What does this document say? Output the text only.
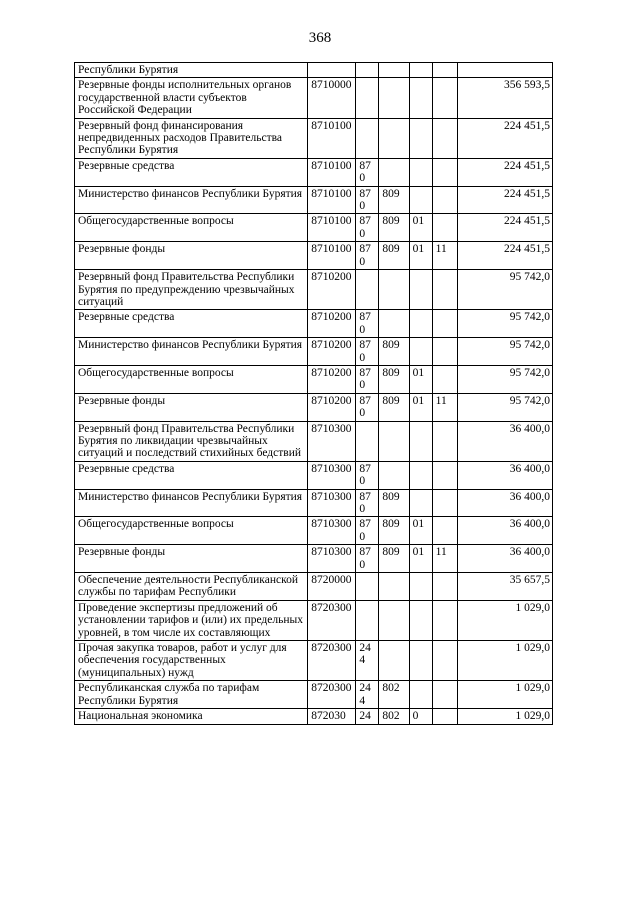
368
Республики Бурятия						
Резервные фонды исполнительных органов государственной власти субъектов Российской Федерации	8710000					356 593,5
Резервный фонд финансирования непредвиденных расходов Правительства Республики Бурятия	8710100					224 451,5
Резервные средства	8710100	870				224 451,5
Министерство финансов Республики Бурятия	8710100	870	809			224 451,5
Общегосударственные вопросы	8710100	870	809	01		224 451,5
Резервные фонды	8710100	870	809	01	11	224 451,5
Резервный фонд Правительства Республики Бурятия по предупреждению чрезвычайных ситуаций	8710200					95 742,0
Резервные средства	8710200	870				95 742,0
Министерство финансов Республики Бурятия	8710200	870	809			95 742,0
Общегосударственные вопросы	8710200	870	809	01		95 742,0
Резервные фонды	8710200	870	809	01	11	95 742,0
Резервный фонд Правительства Республики Бурятия по ликвидации чрезвычайных ситуаций и последствий стихийных бедствий	8710300					36 400,0
Резервные средства	8710300	870				36 400,0
Министерство финансов Республики Бурятия	8710300	870	809			36 400,0
Общегосударственные вопросы	8710300	870	809	01		36 400,0
Резервные фонды	8710300	870	809	01	11	36 400,0
Обеспечение деятельности Республиканской службы по тарифам Республики	8720000					35 657,5
Проведение экспертизы предложений об установлении тарифов и (или) их предельных уровней, в том числе их составляющих	8720300					1 029,0
Прочая закупка товаров, работ и услуг для обеспечения государственных (муниципальных) нужд	8720300	244				1 029,0
Республиканская служба по тарифам Республики Бурятия	8720300	244	802			1 029,0
Национальная экономика	872030	24	802	0		1 029,0
